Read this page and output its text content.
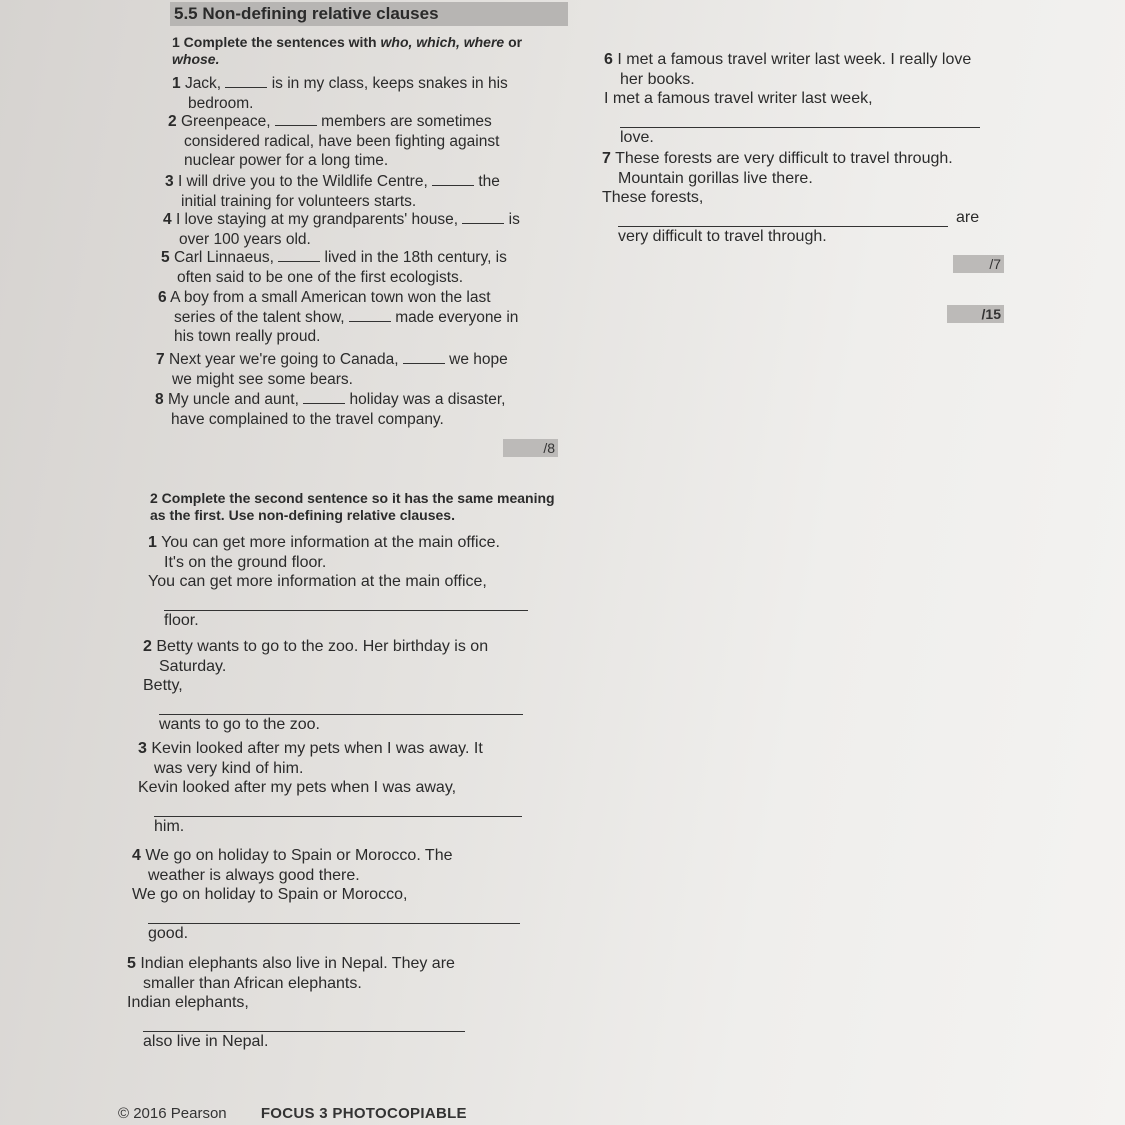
5.5 Non-defining relative clauses
1 Complete the sentences with who, which, where or
whose.
1 Jack,	is in my class, keeps snakes in his
bedroom.
2 Greenpeace,	members are sometimes
considered radical, have been fighting against
nuclear power for a long time.
3 I will drive you to the Wildlife Centre,	the
initial training for volunteers starts.
4 I love staying at my grandparents' house,	is
over 100 years old.
5 Carl Linnaeus,	lived in the 18th century, is
often said to be one of the first ecologists.
6 A boy from a small American town won the last
series of the talent show,	made everyone in
his town really proud.
7 Next year we're going to Canada,	we hope
we might see some bears.
8 My uncle and aunt,	holiday was a disaster,
have complained to the travel company.
/8
2 Complete the second sentence so it has the same meaning as the first. Use non-defining relative clauses.
1 You can get more information at the main office.
It's on the ground floor.
You can get more information at the main office,
floor.
2 Betty wants to go to the zoo. Her birthday is on
Saturday.
Betty,
wants to go to the zoo.
3 Kevin looked after my pets when I was away. It
was very kind of him.
Kevin looked after my pets when I was away,
him.
4 We go on holiday to Spain or Morocco. The
weather is always good there.
We go on holiday to Spain or Morocco,
good.
5 Indian elephants also live in Nepal. They are
smaller than African elephants.
Indian elephants,
also live in Nepal.
6 I met a famous travel writer last week. I really love
her books.
I met a famous travel writer last week,
love.
7 These forests are very difficult to travel through.
Mountain gorillas live there.
These forests,
are
very difficult to travel through.
/7
/15
© 2016 Pearson FOCUS 3 PHOTOCOPIABLE
